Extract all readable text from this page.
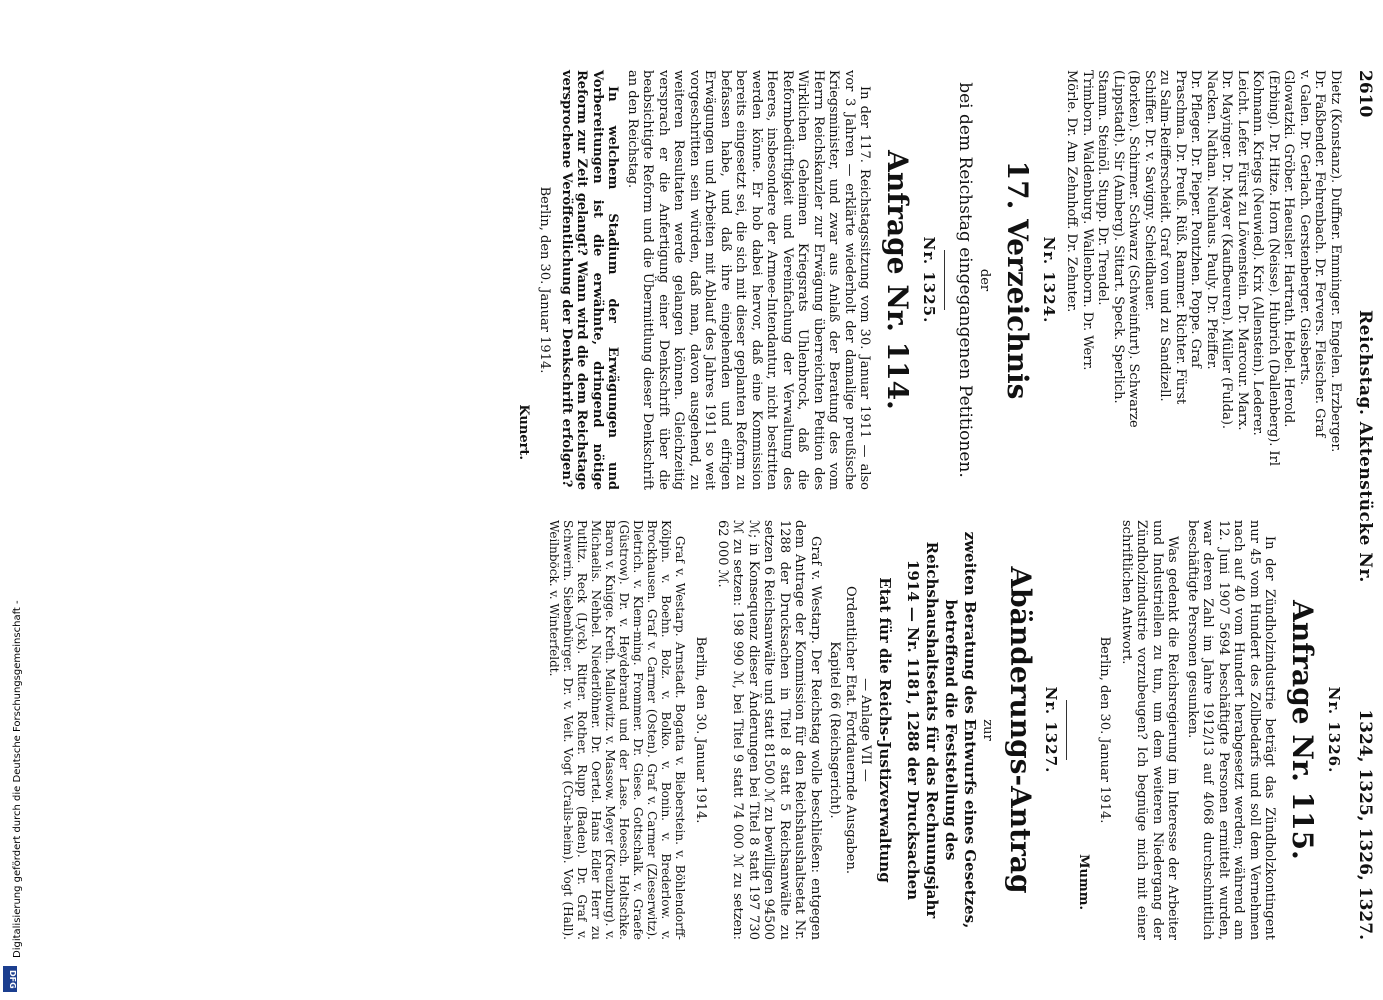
Digitalisierung gefördert durch die Deutsche Forschungsgemeinschaft -
DFG
2610
Reichstag. Aktenstücke Nr.
1324, 1325, 1326, 1327.

Dietz (Konstanz). Duffner. Emminger. Engelen. Erzberger.

Dr. Faßbender. Fehrenbach. Dr. Fervers. Fleischer. Graf

v. Galen. Dr. Gerlach. Gerstenberger. Giesberts.

Glowatzki. Gröber. Haeusler. Hartrath. Hebel. Herold.

(Erbing). Dr. Hitze. Horn (Neisse). Hubrich (Dallenberg). Irl

Kohmann. Kriegs (Neuwied). Krix (Allenstein). Lederer.

Leicht. Lefer. Fürst zu Löwenstein. Dr. Marcour. Marx.

Dr. Mayinger. Dr. Mayer (Kaufbeuren). Müller (Fulda).

Nacken. Nathan. Neuhaus. Pauly. Dr. Pfeiffer.

Dr. Pfleger. Dr. Pieper. Pontzhen. Poppe. Graf

Praschma. Dr. Preuß. Rüß. Rammer. Richter. Fürst

zu Salm-Reifferscheidt. Graf von und zu Sandizell.

Schiffer. Dr. v. Savigny. Scheidhauer.

(Borken). Schirmer. Schwarz (Schweinfurt). Schwarze

(Lippstadt). Sir (Amberg). Sittart. Speck. Sperlich.

Stamm. Steinöl. Stupp. Dr. Trendel.

Trimborn. Waldenburg. Wallenborn. Dr. Werr.

Mörle. Dr. Am Zehnhoff. Dr. Zehnter.

Nr. 1324.
17. Verzeichnis
der
bei dem Reichstag eingegangenen Petitionen.
Nr. 1325.
Anfrage Nr. 114.

In der 117. Reichstagssitzung vom 30. Januar 1911 — also vor 3 Jahren — erklärte wiederholt der damalige preußische Kriegsminister, und zwar aus Anlaß der Beratung des vom Herrn Reichskanzler zur Erwägung überreichten Petition des Wirklichen Geheimen Kriegsrats Uhlenbrock, daß die Reformbedürftigkeit und Vereinfachung der Verwaltung des Heeres, insbesondere der Armee-Intendantur, nicht bestritten werden könne. Er hob dabei hervor, daß eine Kommission bereits eingesetzt sei, die sich mit dieser geplanten Reform zu befassen habe, und daß ihre eingehenden und eifrigen Erwägungen und Arbeiten mit Ablauf des Jahres 1911 so weit vorgeschritten sein würden, daß man, davon ausgehend, zu weiteren Resultaten werde gelangen können. Gleichzeitig versprach er die Anfertigung einer Denkschrift über die beabsichtigte Reform und die Übermittlung dieser Denkschrift an den Reichstag.

In welchem Stadium der Erwägungen und Vorbereitungen ist die erwähnte, dringend nötige Reform zur Zeit gelangt? Wann wird die dem Reichstage versprochene Veröffentlichung der Denkschrift erfolgen?

Berlin, den 30. Januar 1914.
Kunert.
Nr. 1326.
Anfrage Nr. 115.

In der Zündholzindustrie beträgt das Zündholzkontingent nur 45 vom Hundert des Zollbedarfs und soll dem Vernehmen nach auf 40 vom Hundert herabgesetzt werden; während am 12. Juni 1907 5694 beschäftigte Personen ermittelt wurden, war deren Zahl im Jahre 1912/13 auf 4068 durchschnittlich beschäftigte Personen gesunken.

Was gedenkt die Reichsregierung im Interesse der Arbeiter und Industriellen zu tun, um dem weiteren Niedergang der Zündholzindustrie vorzubeugen? Ich begnüge mich mit einer schriftlichen Antwort.

Berlin, den 30. Januar 1914.
Mumm.
Nr. 1327.
Abänderungs-Antrag
zur
zweiten Beratung des Entwurfs eines Gesetzes, betreffend die Feststellung des Reichshaushaltsetats für das Rechnungsjahr 1914 — Nr. 1181, 1288 der Drucksachen
Etat für die Reichs-Justizverwaltung
— Anlage VII —
Ordentlicher Etat. Fortdauernde Ausgaben.
Kapitel 66 (Reichsgericht).

Graf v. Westarp. Der Reichstag wolle beschließen: entgegen dem Antrage der Kommission für den Reichshaushaltsetat Nr. 1288 der Drucksachen in Titel 8 statt 5 Reichsanwälte zu setzen 6 Reichsanwälte und statt 81500 ℳ zu bewilligen 94500 ℳ; in Konsequenz dieser Änderungen bei Titel 8 statt 197 730 ℳ zu setzen: 198 990 ℳ, bei Titel 9 statt 74 000 ℳ zu setzen: 62 000 ℳ.

Berlin, den 30. Januar 1914.

Graf v. Westarp. Arnstadt. Bogatta v. Bieberstein. v. Böhlendorff-Kölpin. v. Boehn. Bolz. v. Bolko. v. Bonin. v. Brederlow. v. Brockhausen. Graf v. Carmer (Osten). Graf v. Carmer (Zieserwitz). Dietrich. v. Klem-ming. Frommer. Dr. Giese. Gottschalk. v. Graefe (Güstrow). Dr. v. Heydebrand und der Lase. Hoesch. Holtschke. Baron v. Knigge. Kreth. Mallowitz. v. Massow. Meyer (Kreuzburg). v. Michaelis. Nehbel. Niederlöhner. Dr. Oertel. Hans Edler Herr zu Putlitz. Reck (Lyck). Ritter. Rother. Rupp (Baden). Dr. Graf v. Schwerin. Siebenbürger. Dr. v. Veit. Vogt (Crails-heim). Vogt (Hall). Weilnböck. v. Winterfeldt.
